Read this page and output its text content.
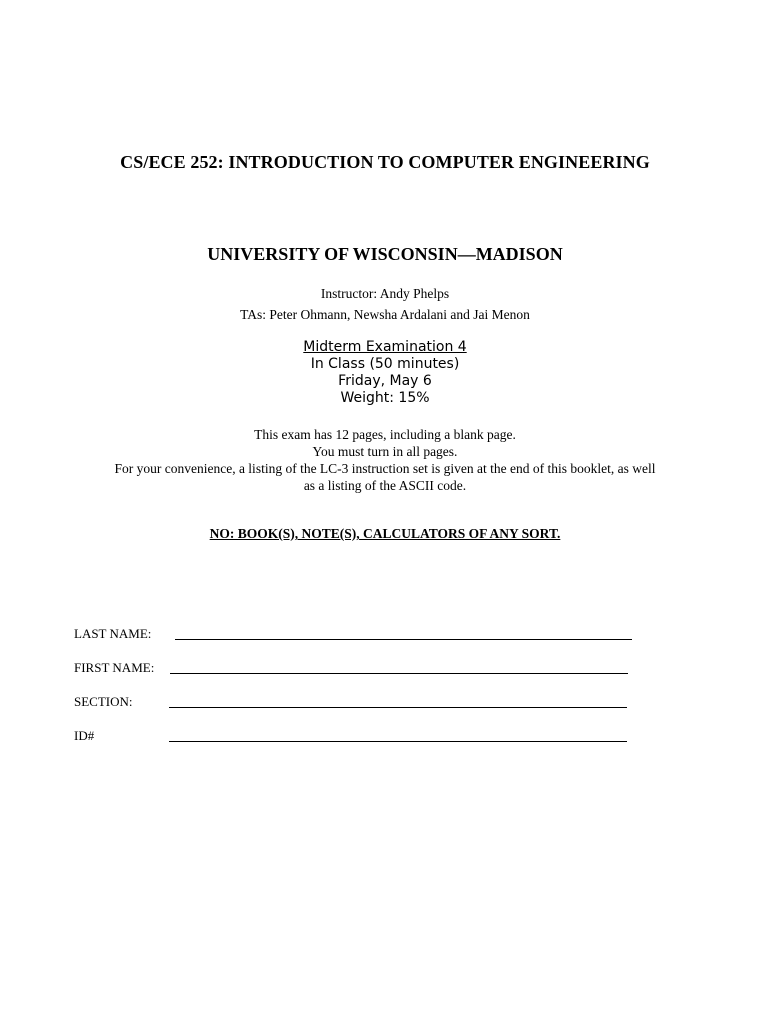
CS/ECE 252: INTRODUCTION TO COMPUTER ENGINEERING
UNIVERSITY OF WISCONSIN—MADISON
Instructor: Andy Phelps
TAs: Peter Ohmann, Newsha Ardalani and Jai Menon
Midterm Examination 4
In Class (50 minutes)
Friday, May 6
Weight: 15%
This exam has 12 pages, including a blank page.
You must turn in all pages.
For your convenience, a listing of the LC-3 instruction set is given at the end of this booklet, as well
as a listing of the ASCII code.
NO: BOOK(S), NOTE(S), CALCULATORS OF ANY SORT.
LAST NAME:
FIRST NAME:
SECTION:
ID#
